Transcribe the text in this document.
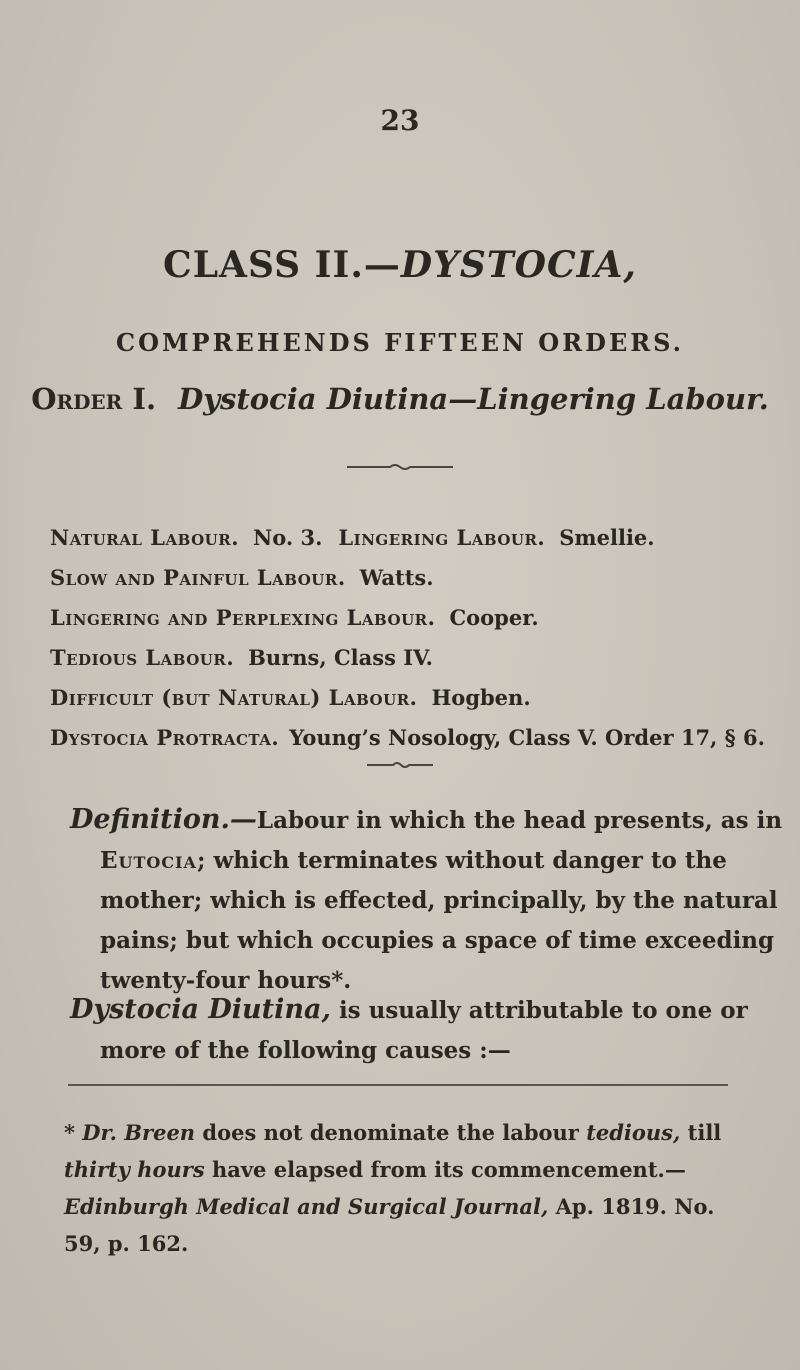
23
CLASS II.—DYSTOCIA,
COMPREHENDS FIFTEEN ORDERS.
Order I. Dystocia Diutina—Lingering Labour.
Natural Labour. No. 3. Lingering Labour. Smellie.
Slow and Painful Labour. Watts.
Lingering and Perplexing Labour. Cooper.
Tedious Labour. Burns, Class IV.
Difficult (but Natural) Labour. Hogben.
Dystocia Protracta. Young’s Nosology, Class V. Order 17, § 6.
Definition.—Labour in which the head presents, as in Eutocia; which terminates without danger to the mother; which is effected, principally, by the natural pains; but which occupies a space of time exceeding twenty-four hours*.
Dystocia Diutina, is usually attributable to one or more of the following causes :—
* Dr. Breen does not denominate the labour tedious, till thirty hours have elapsed from its commencement.—Edinburgh Medical and Surgical Journal, Ap. 1819. No. 59, p. 162.
